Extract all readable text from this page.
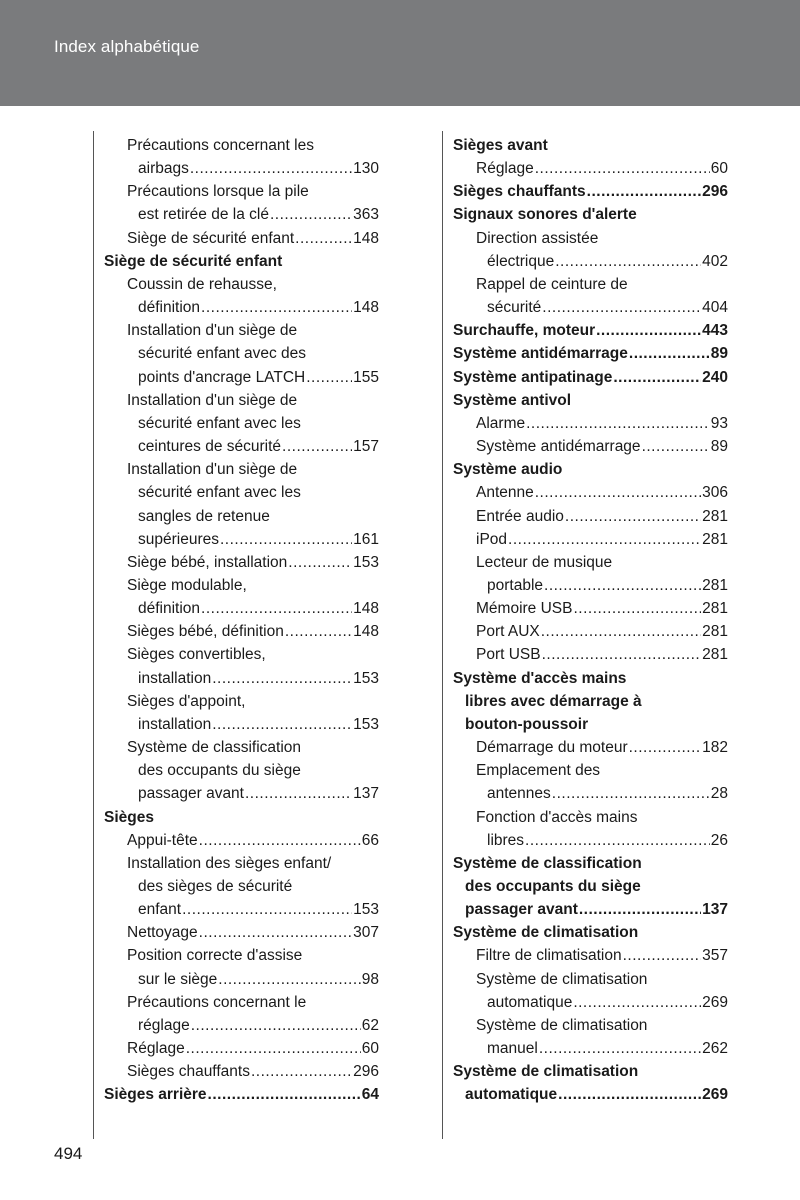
Index alphabétique
Précautions concernant les
airbags .....	130
Précautions lorsque la pile
est retirée de la clé .....	363
Siège de sécurité enfant .....	148
Siège de sécurité enfant
Coussin de rehausse,
définition .....	148
Installation d'un siège de
sécurité enfant avec des
points d'ancrage LATCH .....	155
Installation d'un siège de
sécurité enfant avec les
ceintures de sécurité .....	157
Installation d'un siège de
sécurité enfant avec les
sangles de retenue
supérieures .....	161
Siège bébé, installation .....	153
Siège modulable,
définition .....	148
Sièges bébé, définition .....	148
Sièges convertibles,
installation .....	153
Sièges d'appoint,
installation .....	153
Système de classification
des occupants du siège
passager avant .....	137
Sièges
Appui-tête .....	66
Installation des sièges enfant/
des sièges de sécurité
enfant .....	153
Nettoyage .....	307
Position correcte d'assise
sur le siège .....	98
Précautions concernant le
réglage .....	62
Réglage .....	60
Sièges chauffants .....	296
Sièges arrière .....	64
Sièges avant
Réglage .....	60
Sièges chauffants .....	296
Signaux sonores d'alerte
Direction assistée
électrique .....	402
Rappel de ceinture de
sécurité .....	404
Surchauffe, moteur .....	443
Système antidémarrage .....	89
Système antipatinage .....	240
Système antivol
Alarme .....	93
Système antidémarrage .....	89
Système audio
Antenne .....	306
Entrée audio .....	281
iPod .....	281
Lecteur de musique
portable .....	281
Mémoire USB .....	281
Port AUX .....	281
Port USB .....	281
Système d'accès mains
libres avec démarrage à
bouton-poussoir
Démarrage du moteur .....	182
Emplacement des
antennes .....	28
Fonction d'accès mains
libres .....	26
Système de classification
des occupants du siège
passager avant .....	137
Système de climatisation
Filtre de climatisation .....	357
Système de climatisation
automatique .....	269
Système de climatisation
manuel .....	262
Système de climatisation
automatique .....	269
494
